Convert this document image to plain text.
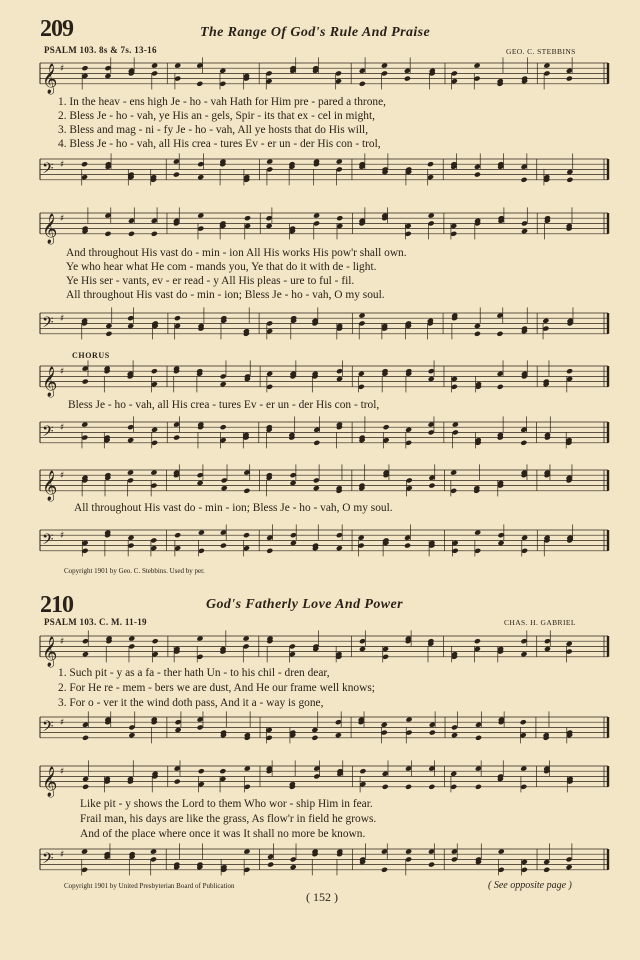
209	The Range Of God's Rule And Praise
PSALM 103. 8s & 7s. 13-16	GEO. C. STEBBINS
𝄞 ♯
𝄢 ♯
1. In the heav - ens high Je - ho - vah Hath for Him pre - pared a throne,
2. Bless Je - ho - vah, ye His an - gels, Spir - its that ex - cel in might,
3. Bless and mag - ni - fy Je - ho - vah, All ye hosts that do His will,
4. Bless Je - ho - vah, all His crea - tures Ev - er un - der His con - trol,
𝄞 ♯
𝄢 ♯
And throughout His vast do - min - ion All His works His pow'r shall own.
Ye who hear what He com - mands you, Ye that do it with de - light.
Ye His ser - vants, ev - er read - y All His pleas - ure to ful - fil.
All throughout His vast do - min - ion; Bless Je - ho - vah, O my soul.
CHORUS
𝄞 ♯
𝄢 ♯
Bless Je - ho - vah, all His crea - tures Ev - er un - der His con - trol,
𝄞 ♯
𝄢 ♯
All throughout His vast do - min - ion; Bless Je - ho - vah, O my soul.
Copyright 1901 by Geo. C. Stebbins. Used by per.
210	God's Fatherly Love And Power
PSALM 103. C. M. 11-19	CHAS. H. GABRIEL
𝄞 ♯
𝄢 ♯
1. Such pit - y as a fa - ther hath Un - to his chil - dren dear,
2. For He re - mem - bers we are dust, And He our frame well knows;
3. For o - ver it the wind doth pass, And it a - way is gone,
𝄞 ♯
𝄢 ♯
Like pit - y shows the Lord to them Who wor - ship Him in fear.
Frail man, his days are like the grass, As flow'r in field he grows.
And of the place where once it was It shall no more be known.
Copyright 1901 by United Presbyterian Board of Publication	( See opposite page )
( 152 )
